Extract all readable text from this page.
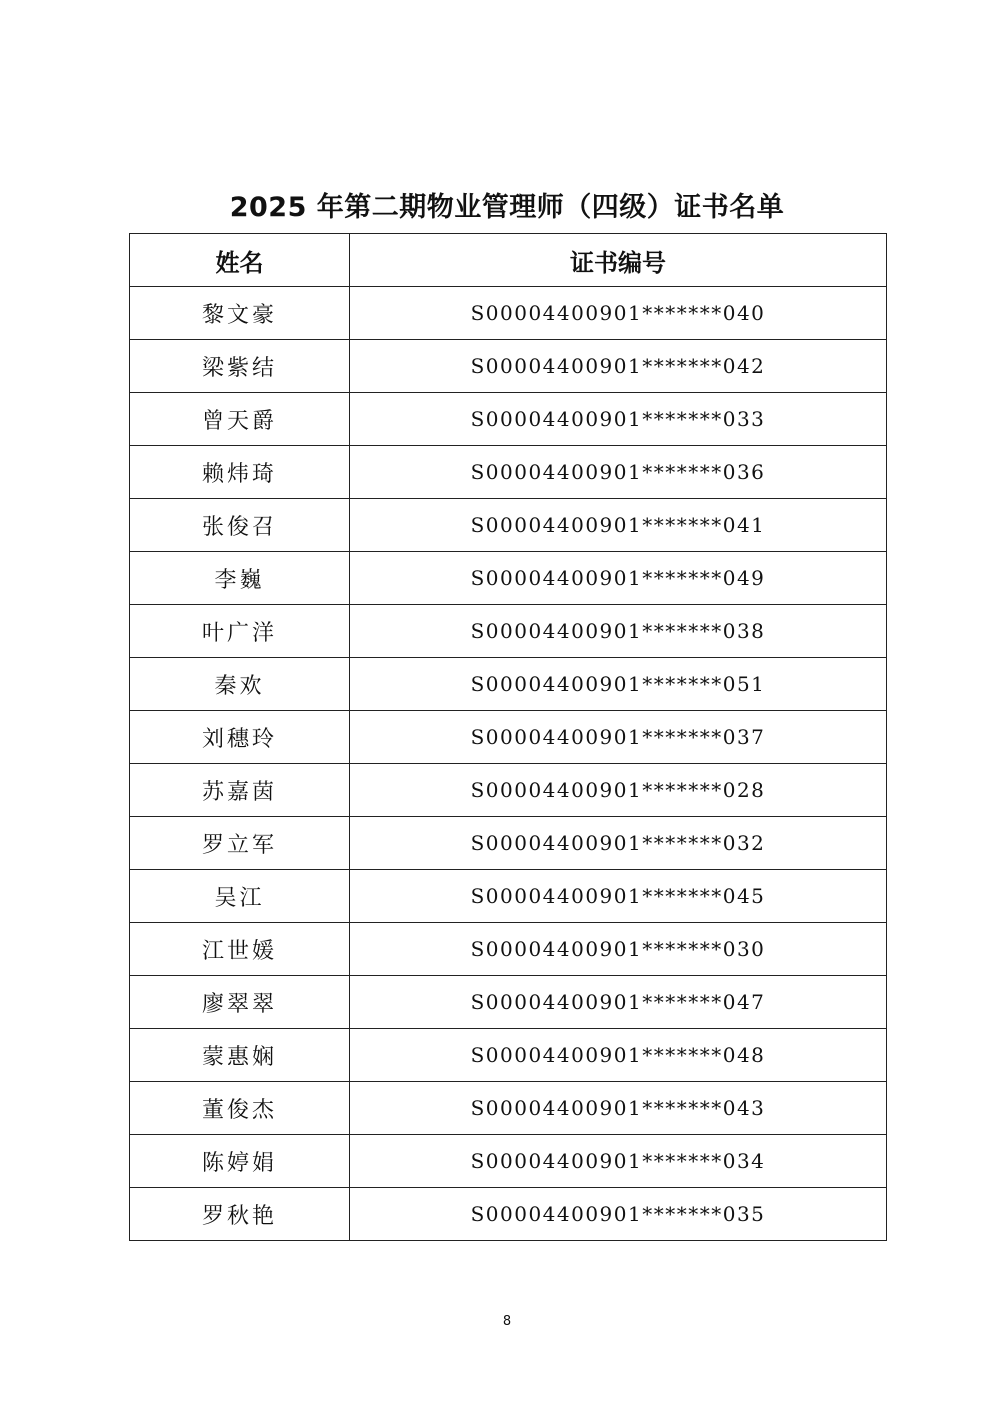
2025 年第二期物业管理师（四级）证书名单
姓名	证书编号
黎文豪	S00004400901*******040
梁紫结	S00004400901*******042
曾天爵	S00004400901*******033
赖炜琦	S00004400901*******036
张俊召	S00004400901*******041
李巍	S00004400901*******049
叶广洋	S00004400901*******038
秦欢	S00004400901*******051
刘穗玲	S00004400901*******037
苏嘉茵	S00004400901*******028
罗立军	S00004400901*******032
吴江	S00004400901*******045
江世媛	S00004400901*******030
廖翠翠	S00004400901*******047
蒙惠娴	S00004400901*******048
董俊杰	S00004400901*******043
陈婷娟	S00004400901*******034
罗秋艳	S00004400901*******035
8
